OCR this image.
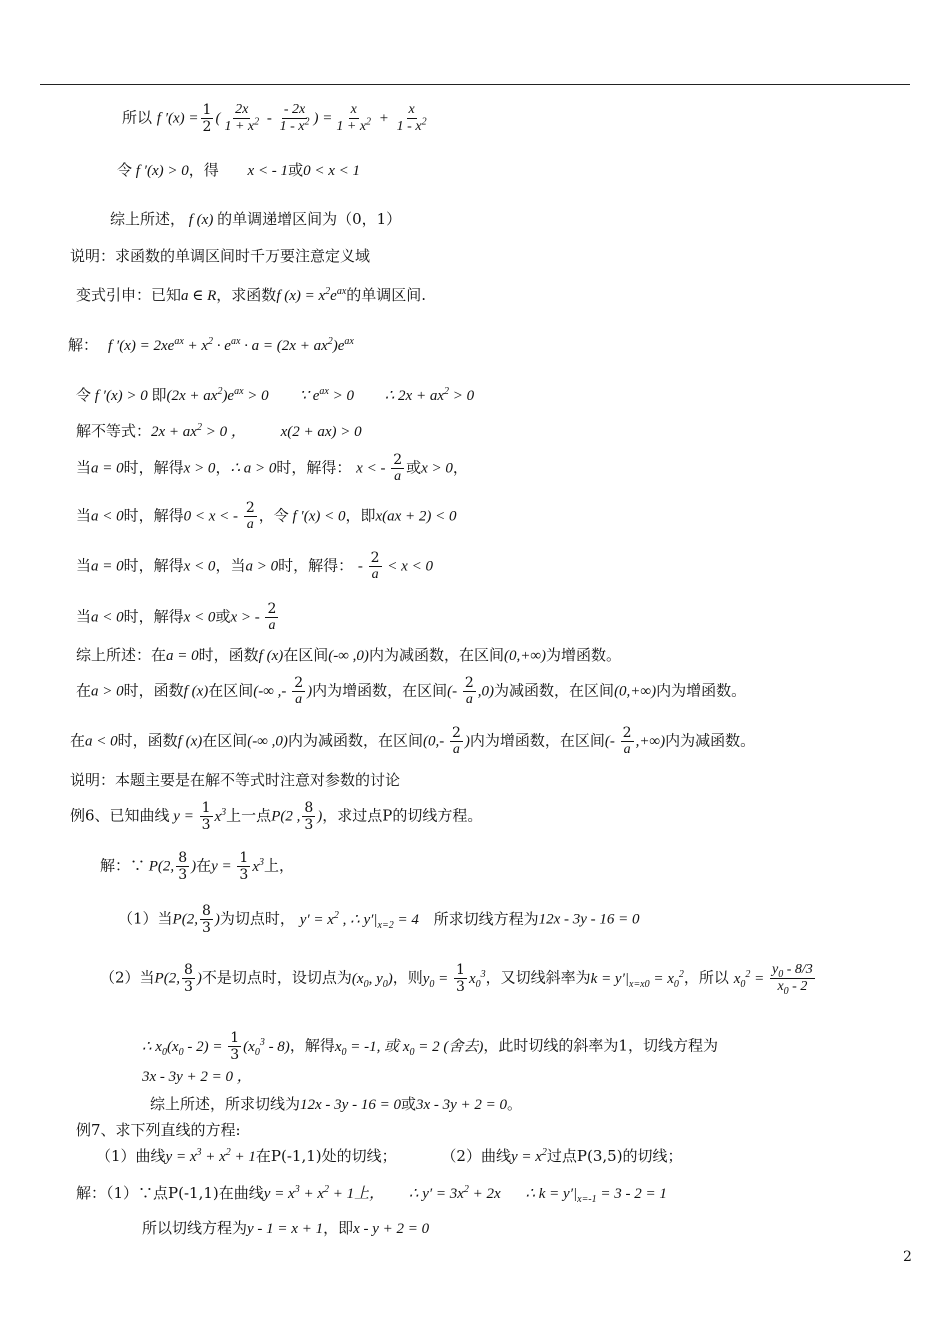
所以 f $'(x) = \frac{1}{2}$ ( $\frac{2x}{1 + x^2} - \frac{- 2x}{1 - x^2}$ ) = $\frac{x}{1 + x^2} + \frac{x}{1 - x^2}$
令 f ′(x) > 0，得 x < - 1或0 < x < 1
综上所述， f (x) 的单调递增区间为（0，1）
说明：求函数的单调区间时千万要注意定义域
变式引申：已知a ∈ R，求函数f $(x) = x^2e^{ax}$的单调区间.
解： f $'(x) = 2xe^{ax} + x^2 \cdot e^{ax} \cdot a = (2x + ax^2)e^{ax}$
令 f ′(x) > 0 即$(2x + ax^2)e^{ax} > 0$ ∵ $e^{ax} > 0$ ∴ $2x + ax^2 > 0$
解不等式：$2x + ax^2 > 0$ ， x(2 + ax) > 0
当a = 0时，解得x > 0，∴ a > 0时，解得： x < - $\frac{2}{a}$ 或x > 0，
当a < 0时，解得0 < x < - $\frac{2}{a}$ ，令 f ′(x) < 0，即x(ax + 2) < 0
当a = 0时，解得x < 0，当a > 0时，解得： - $\frac{2}{a} < x < 0$
当a < 0时，解得x < 0或x > - $\frac{2}{a}$
综上所述：在a = 0时，函数f (x)在区间(-∞ ,0)内为减函数，在区间(0,+∞)为增函数。
在a > 0时，函数f (x)在区间(-∞ ,- $\frac{2}{a}$ )内为增函数，在区间(- $\frac{2}{a} ,0$)为减函数，在区间(0,+∞)内为增函数。
在a < 0时，函数f (x)在区间(-∞ ,0)内为减函数，在区间($0,- \frac{2}{a}$ )内为增函数，在区间(- $\frac{2}{a}$ ,+∞)内为减函数。
说明：本题主要是在解不等式时注意对参数的讨论
例6、已知曲线 $y = \frac{1}{3} x^3$上一点P(2 , $\frac{8}{3}$ )，求过点P的切线方程。
解：∵ P(2, $\frac{8}{3}$ )在$y = \frac{1}{3} x^3$上，
（1）当P(2, $\frac{8}{3}$ )为切点时， $y' = x^2$ , ∴ $y'|_{x=2} = 4$ 所求切线方程为12x - 3y - 16 = 0
（2）当P(2, $\frac{8}{3}$ )不是切点时，设切点为($x_0$, $y_0$)，则$y_0 = \frac{1}{3} x_0^3$，又切线斜率为$k = y'|_{x=x0} = x_0^2$，所以 $x_0^2 = \frac{y_0 - 8/3}{x_0 - 2}$
∴ $x_0(x_0 - 2) = \frac{1}{3} (x_0^3 - 8)$，解得$x_0 = -1$, 或 $x_0 = 2$ (舍去)，此时切线的斜率为1，切线方程为
3x - 3y + 2 = 0 ，
综上所述，所求切线为12x - 3y - 16 = 0或3x - 3y + 2 = 0。
例7、求下列直线的方程:
（1）曲线$y = x^3 + x^2 + 1$在P(-1,1)处的切线；	（2）曲线$y = x^2$过点P(3,5)的切线；
解：（1）∵点P(-1,1)在曲线$y = x^3 + x^2 + 1$上， ∴ $y' = 3x^2 + 2x$ ∴ $k = y'|_{x=-1} = 3 - 2 = 1$
所以切线方程为y - 1 = x + 1，即x - y + 2 = 0
2
